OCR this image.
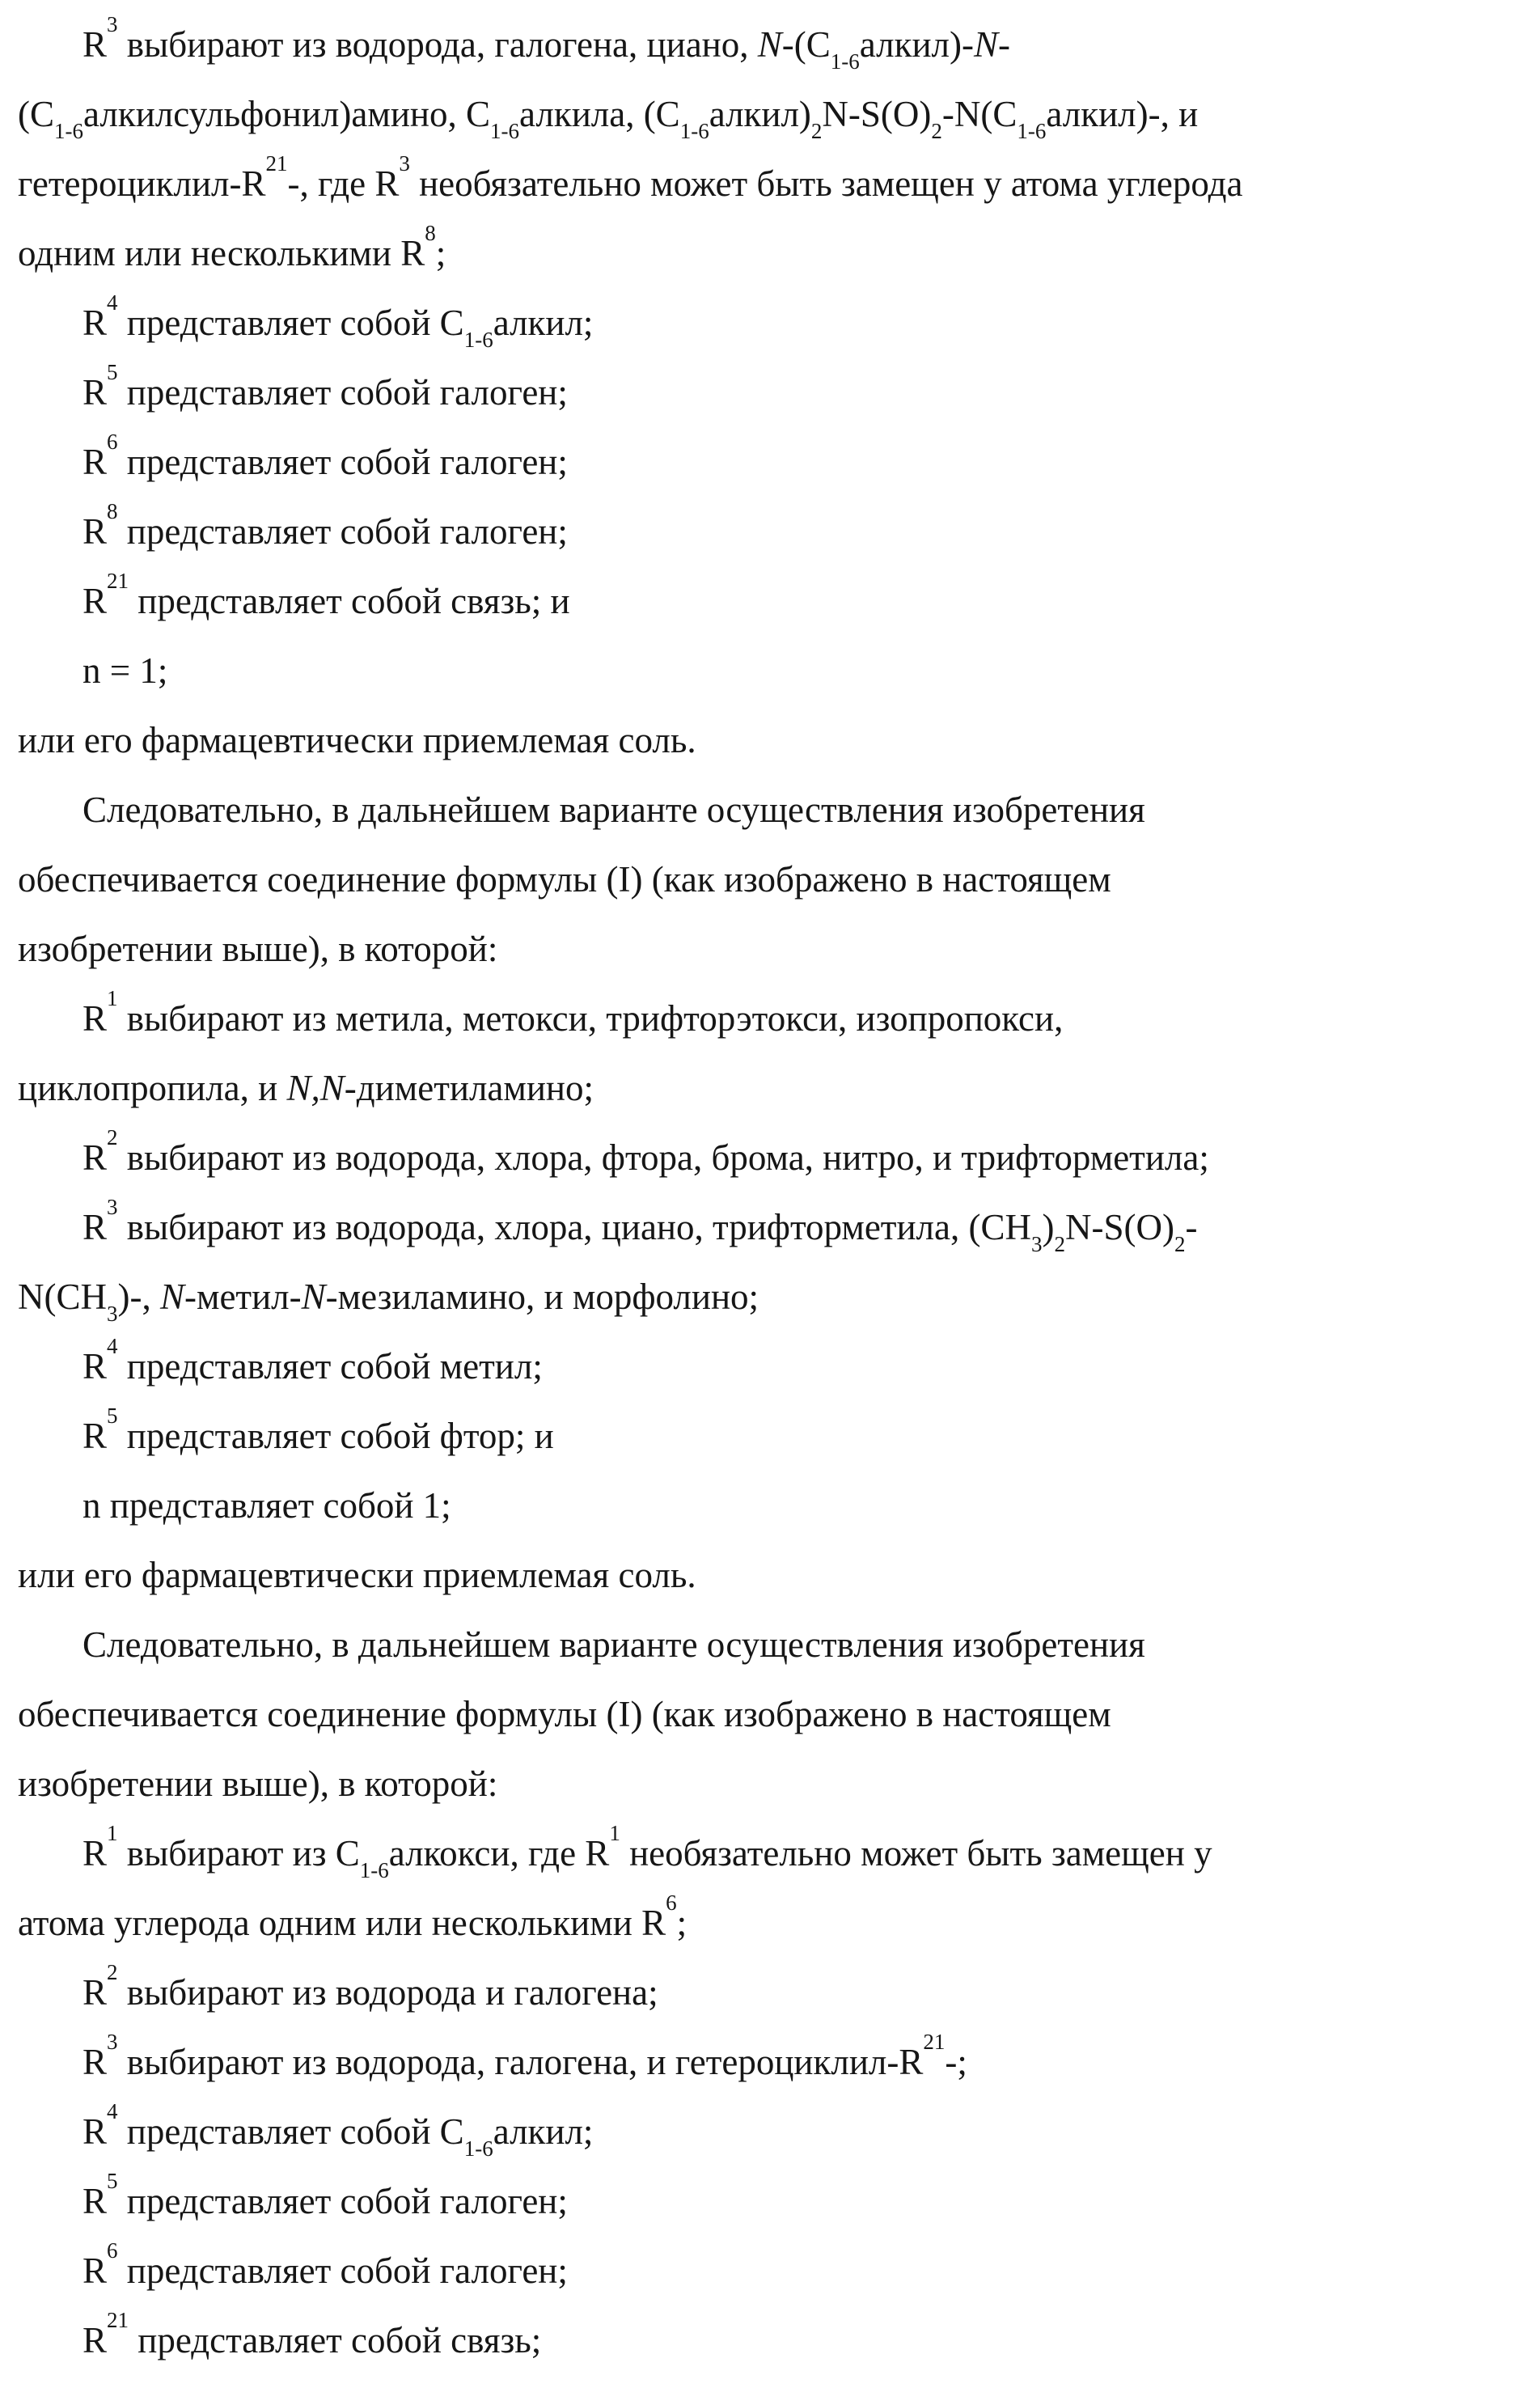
$R^3$ выбирают из водорода, галогена, циано, $N-(C_{1-6}алкил)-N-$
$(C_{1-6}алкилсульфонил)амино$, $C_{1-6}алкила$, $(C_{1-6}алкил)_2N-S(O)_2-N(C_{1-6}алкил)-$, и
гетероциклил-$R^{21}-$, где $R^3$ необязательно может быть замещен у атома углерода
одним или несколькими $R^8$;
$R^4$ представляет собой $C_{1-6}алкил$;
$R^5$ представляет собой галоген;
$R^6$ представляет собой галоген;
$R^8$ представляет собой галоген;
$R^{21}$ представляет собой связь; и
n = 1;
или его фармацевтически приемлемая соль.
Следовательно, в дальнейшем варианте осуществления изобретения
обеспечивается соединение формулы (I) (как изображено в настоящем
изобретении выше), в которой:
$R^1$ выбирают из метила, метокси, трифторэтокси, изопропокси,
циклопропила, и N,N-диметиламино;
$R^2$ выбирают из водорода, хлора, фтора, брома, нитро, и трифторметила;
$R^3$ выбирают из водорода, хлора, циано, трифторметила, $(CH_3)_2N-S(O)_2-$
$N(CH_3)-$, N-метил-N-мезиламино, и морфолино;
$R^4$ представляет собой метил;
$R^5$ представляет собой фтор; и
n представляет собой 1;
или его фармацевтически приемлемая соль.
Следовательно, в дальнейшем варианте осуществления изобретения
обеспечивается соединение формулы (I) (как изображено в настоящем
изобретении выше), в которой:
$R^1$ выбирают из $C_{1-6}алкокси$, где $R^1$ необязательно может быть замещен у
атома углерода одним или несколькими $R^6$;
$R^2$ выбирают из водорода и галогена;
$R^3$ выбирают из водорода, галогена, и гетероциклил-$R^{21}-$;
$R^4$ представляет собой $C_{1-6}алкил$;
$R^5$ представляет собой галоген;
$R^6$ представляет собой галоген;
$R^{21}$ представляет собой связь;
